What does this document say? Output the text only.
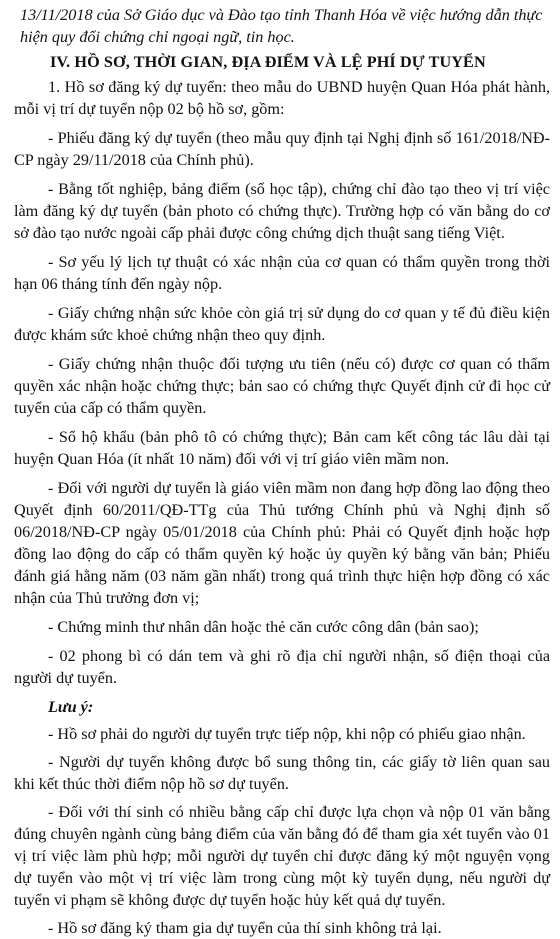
13/11/2018 của Sở Giáo dục và Đào tạo tỉnh Thanh Hóa về việc hướng dẫn thực
hiện quy đổi chứng chỉ ngoại ngữ, tin học.
IV. HỒ SƠ, THỜI GIAN, ĐỊA ĐIỂM VÀ LỆ PHÍ DỰ TUYỂN

1. Hồ sơ đăng ký dự tuyển: theo mẫu do UBND huyện Quan Hóa phát hành, mỗi vị trí dự tuyển nộp 02 bộ hồ sơ, gồm:

- Phiếu đăng ký dự tuyển (theo mẫu quy định tại Nghị định số 161/2018/NĐ-CP ngày 29/11/2018 của Chính phủ).

- Bằng tốt nghiệp, bảng điểm (sổ học tập), chứng chỉ đào tạo theo vị trí việc làm đăng ký dự tuyển (bản photo có chứng thực). Trường hợp có văn bằng do cơ sở đào tạo nước ngoài cấp phải được công chứng dịch thuật sang tiếng Việt.

- Sơ yếu lý lịch tự thuật có xác nhận của cơ quan có thẩm quyền trong thời hạn 06 tháng tính đến ngày nộp.

- Giấy chứng nhận sức khỏe còn giá trị sử dụng do cơ quan y tế đủ điều kiện được khám sức khoẻ chứng nhận theo quy định.

- Giấy chứng nhận thuộc đối tượng ưu tiên (nếu có) được cơ quan có thẩm quyền xác nhận hoặc chứng thực; bản sao có chứng thực Quyết định cử đi học cử tuyển của cấp có thẩm quyền.

- Sổ hộ khẩu (bản phô tô có chứng thực); Bản cam kết công tác lâu dài tại huyện Quan Hóa (ít nhất 10 năm) đối với vị trí giáo viên mầm non.

- Đối với người dự tuyển là giáo viên mầm non đang hợp đồng lao động theo Quyết định 60/2011/QĐ-TTg của Thủ tướng Chính phủ và Nghị định số 06/2018/NĐ-CP ngày 05/01/2018 của Chính phủ: Phải có Quyết định hoặc hợp đồng lao động do cấp có thẩm quyền ký hoặc ủy quyền ký bằng văn bản; Phiếu đánh giá hằng năm (03 năm gần nhất) trong quá trình thực hiện hợp đồng có xác nhận của Thủ trưởng đơn vị;

- Chứng minh thư nhân dân hoặc thẻ căn cước công dân (bản sao);

- 02 phong bì có dán tem và ghi rõ địa chỉ người nhận, số điện thoại của người dự tuyển.

Lưu ý:

- Hồ sơ phải do người dự tuyển trực tiếp nộp, khi nộp có phiếu giao nhận.

- Người dự tuyển không được bổ sung thông tin, các giấy tờ liên quan sau khi kết thúc thời điểm nộp hồ sơ dự tuyển.

- Đối với thí sinh có nhiều bằng cấp chỉ được lựa chọn và nộp 01 văn bằng đúng chuyên ngành cùng bảng điểm của văn bằng đó để tham gia xét tuyển vào 01 vị trí việc làm phù hợp; mỗi người dự tuyển chỉ được đăng ký một nguyện vọng dự tuyển vào một vị trí việc làm trong cùng một kỳ tuyển dụng, nếu người dự tuyển vi phạm sẽ không được dự tuyển hoặc hủy kết quả dự tuyển.

- Hồ sơ đăng ký tham gia dự tuyển của thí sinh không trả lại.
